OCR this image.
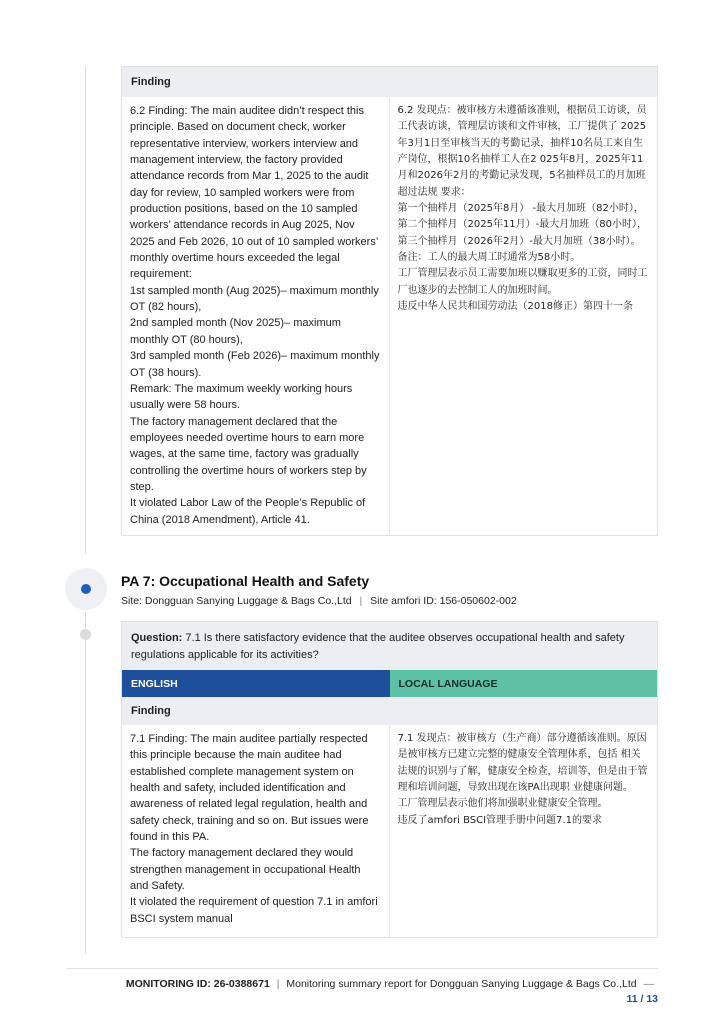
Finding
6.2 Finding: The main auditee didn’t respect this principle. Based on document check, worker representative interview, workers interview and management interview, the factory provided attendance records from Mar 1, 2025 to the audit day for review, 10 sampled workers were from production positions, based on the 10 sampled workers’ attendance records in Aug 2025, Nov 2025 and Feb 2026, 10 out of 10 sampled workers’ monthly overtime hours exceeded the legal requirement:
1st sampled month (Aug 2025)– maximum monthly OT (82 hours),
2nd sampled month (Nov 2025)– maximum monthly OT (80 hours),
3rd sampled month (Feb 2026)– maximum monthly OT (38 hours).
Remark: The maximum weekly working hours usually were 58 hours.
The factory management declared that the employees needed overtime hours to earn more wages, at the same time, factory was gradually controlling the overtime hours of workers step by step.
It violated Labor Law of the People’s Republic of China (2018 Amendment), Article 41.
6.2 发现点：被审核方未遵循该准则，根据员工访谈，员工代表访谈，管理层访谈和文件审核，工厂提供了 2025年3月1日至审核当天的考勤记录，抽样10名员工来自生产岗位，根据10名抽样工人在2 025年8月，2025年11月和2026年2月的考勤记录发现，5名抽样员工的月加班超过法规 要求：
第一个抽样月（2025年8月） -最大月加班（82小时），
第二个抽样月（2025年11月）-最大月加班（80小时），
第三个抽样月（2026年2月）-最大月加班（38小时）。
备注：工人的最大周工时通常为58小时。
工厂管理层表示员工需要加班以赚取更多的工资，同时工厂也逐步的去控制工人的加班时间。
违反中华人民共和国劳动法（2018修正）第四十一条
PA 7: Occupational Health and Safety
Site: Dongguan Sanying Luggage & Bags Co.,Ltd | Site amfori ID: 156-050602-002
Question: 7.1 Is there satisfactory evidence that the auditee observes occupational health and safety regulations applicable for its activities?
ENGLISH	LOCAL LANGUAGE
Finding
7.1 Finding: The main auditee partially respected this principle because the main auditee had established complete management system on health and safety, included identification and awareness of related legal regulation, health and safety check, training and so on. But issues were found in this PA.
The factory management declared they would strengthen management in occupational Health and Safety.
It violated the requirement of question 7.1 in amfori BSCI system manual
7.1 发现点：被审核方（生产商）部分遵循该准则。原因是被审核方已建立完整的健康安全管理体系，包括 相关法规的识别与了解，健康安全检查，培训等，但是由于管理和培训问题，导致出现在该PA出现职 业健康问题。
工厂管理层表示他们将加强职业健康安全管理。
违反了amfori BSCI管理手册中问题7.1的要求
MONITORING ID: 26-0388671 | Monitoring summary report for Dongguan Sanying Luggage & Bags Co.,Ltd —
11 / 13
